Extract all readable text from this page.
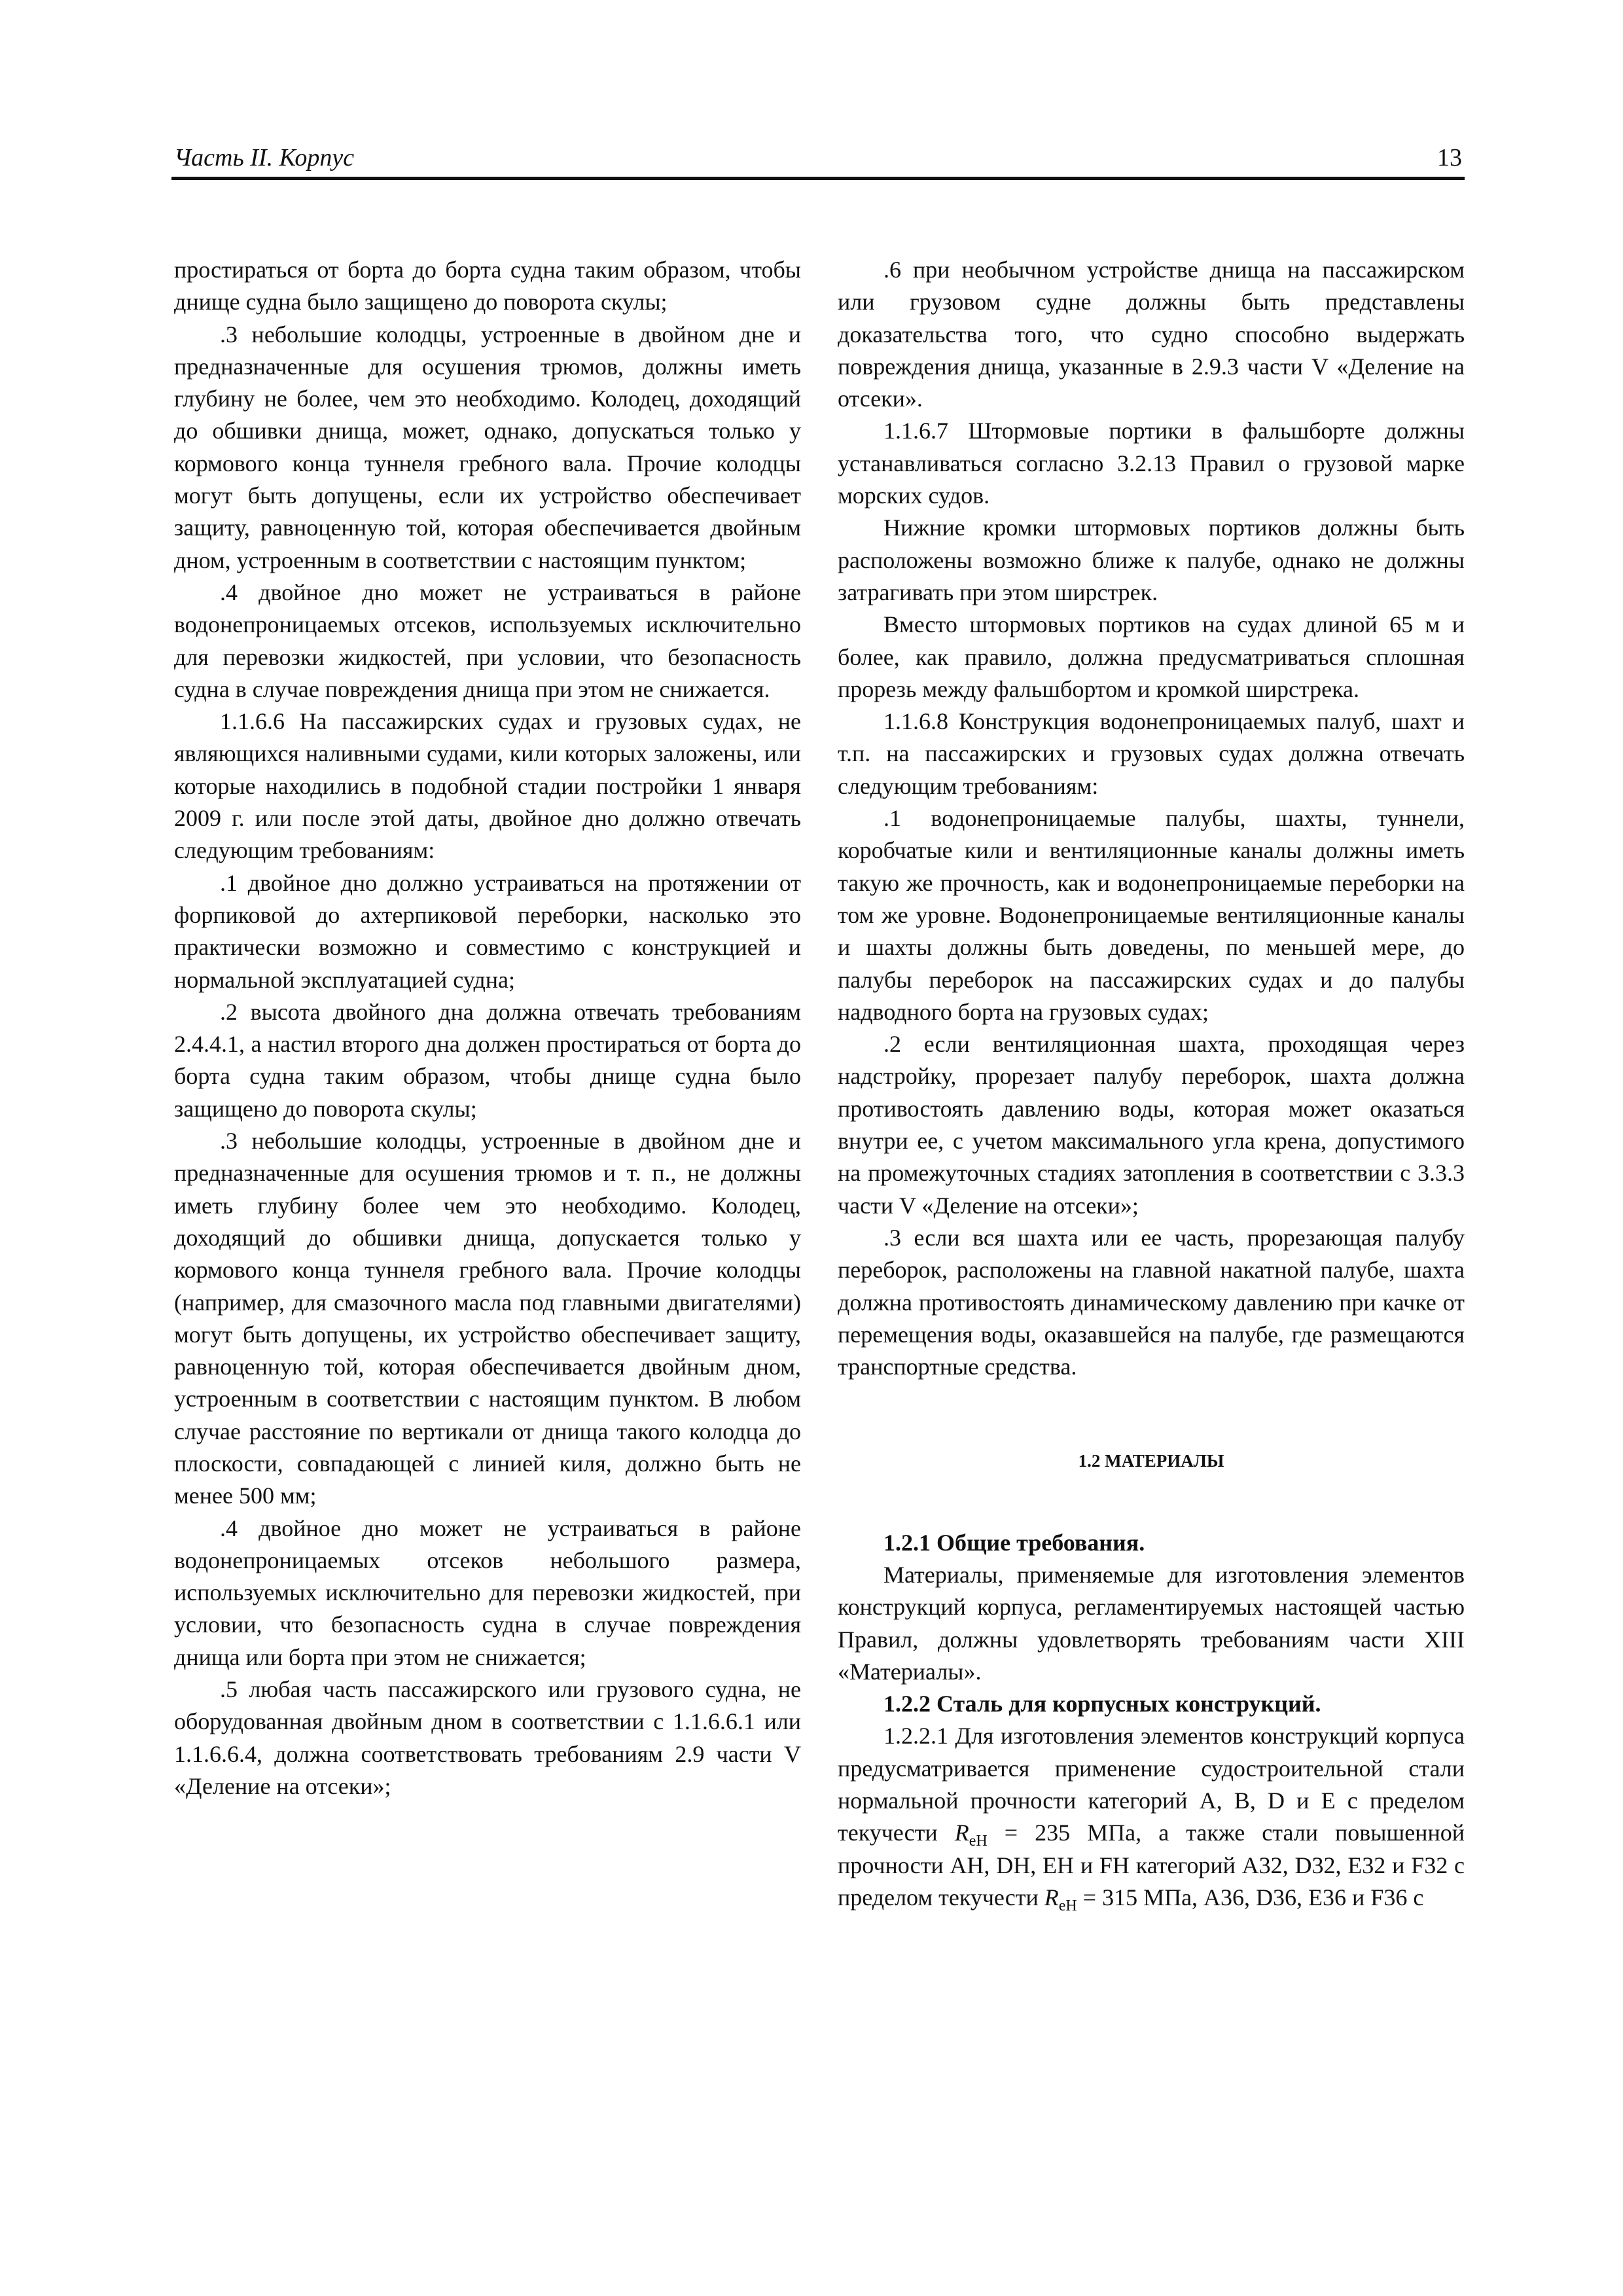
Часть II. Корпус	13

простираться от борта до борта судна таким образом, чтобы днище судна было защищено до поворота скулы;

.3 небольшие колодцы, устроенные в двойном дне и предназначенные для осушения трюмов, должны иметь глубину не более, чем это необходимо. Колодец, доходящий до обшивки днища, может, однако, допускаться только у кормового конца туннеля гребного вала. Прочие колодцы могут быть допущены, если их устройство обеспечивает защиту, равноценную той, которая обеспечивается двойным дном, устроенным в соответствии с настоящим пунктом;

.4 двойное дно может не устраиваться в районе водонепроницаемых отсеков, используемых исключительно для перевозки жидкостей, при условии, что безопасность судна в случае повреждения днища при этом не снижается.

1.1.6.6 На пассажирских судах и грузовых судах, не являющихся наливными судами, кили которых заложены, или которые находились в подобной стадии постройки 1 января 2009 г. или после этой даты, двойное дно должно отвечать следующим требованиям:

.1 двойное дно должно устраиваться на протяжении от форпиковой до ахтерпиковой переборки, насколько это практически возможно и совместимо с конструкцией и нормальной эксплуатацией судна;

.2 высота двойного дна должна отвечать требованиям 2.4.4.1, а настил второго дна должен простираться от борта до борта судна таким образом, чтобы днище судна было защищено до поворота скулы;

.3 небольшие колодцы, устроенные в двойном дне и предназначенные для осушения трюмов и т. п., не должны иметь глубину более чем это необходимо. Колодец, доходящий до обшивки днища, допускается только у кормового конца туннеля гребного вала. Прочие колодцы (например, для смазочного масла под главными двигателями) могут быть допущены, их устройство обеспечивает защиту, равноценную той, которая обеспечивается двойным дном, устроенным в соответствии с настоящим пунктом. В любом случае расстояние по вертикали от днища такого колодца до плоскости, совпадающей с линией киля, должно быть не менее 500 мм;

.4 двойное дно может не устраиваться в районе водонепроницаемых отсеков небольшого размера, используемых исключительно для перевозки жидкостей, при условии, что безопасность судна в случае повреждения днища или борта при этом не снижается;

.5 любая часть пассажирского или грузового судна, не оборудованная двойным дном в соответствии с 1.1.6.6.1 или 1.1.6.6.4, должна соответствовать требованиям 2.9 части V «Деление на отсеки»;

.6 при необычном устройстве днища на пассажирском или грузовом судне должны быть представлены доказательства того, что судно способно выдержать повреждения днища, указанные в 2.9.3 части V «Деление на отсеки».

1.1.6.7 Штормовые портики в фальшборте должны устанавливаться согласно 3.2.13 Правил о грузовой марке морских судов.

Нижние кромки штормовых портиков должны быть расположены возможно ближе к палубе, однако не должны затрагивать при этом ширстрек.

Вместо штормовых портиков на судах длиной 65 м и более, как правило, должна предусматриваться сплошная прорезь между фальшбортом и кромкой ширстрека.

1.1.6.8 Конструкция водонепроницаемых палуб, шахт и т.п. на пассажирских и грузовых судах должна отвечать следующим требованиям:

.1 водонепроницаемые палубы, шахты, туннели, коробчатые кили и вентиляционные каналы должны иметь такую же прочность, как и водонепроницаемые переборки на том же уровне. Водонепроницаемые вентиляционные каналы и шахты должны быть доведены, по меньшей мере, до палубы переборок на пассажирских судах и до палубы надводного борта на грузовых судах;

.2 если вентиляционная шахта, проходящая через надстройку, прорезает палубу переборок, шахта должна противостоять давлению воды, которая может оказаться внутри ее, с учетом максимального угла крена, допустимого на промежуточных стадиях затопления в соответствии с 3.3.3 части V «Деление на отсеки»;

.3 если вся шахта или ее часть, прорезающая палубу переборок, расположены на главной накатной палубе, шахта должна противостоять динамическому давлению при качке от перемещения воды, оказавшейся на палубе, где размещаются транспортные средства.

1.2 МАТЕРИАЛЫ

1.2.1 Общие требования.

Материалы, применяемые для изготовления элементов конструкций корпуса, регламентируемых настоящей частью Правил, должны удовлетворять требованиям части XIII «Материалы».

1.2.2 Сталь для корпусных конструкций.

1.2.2.1 Для изготовления элементов конструкций корпуса предусматривается применение судостроительной стали нормальной прочности категорий A, B, D и E с пределом текучести $R_{eH} = 235$ МПа, а также стали повышенной прочности AH, DH, EH и FH категорий A32, D32, E32 и F32 с пределом текучести $R_{eH} = 315$ МПа, A36, D36, E36 и F36 с
